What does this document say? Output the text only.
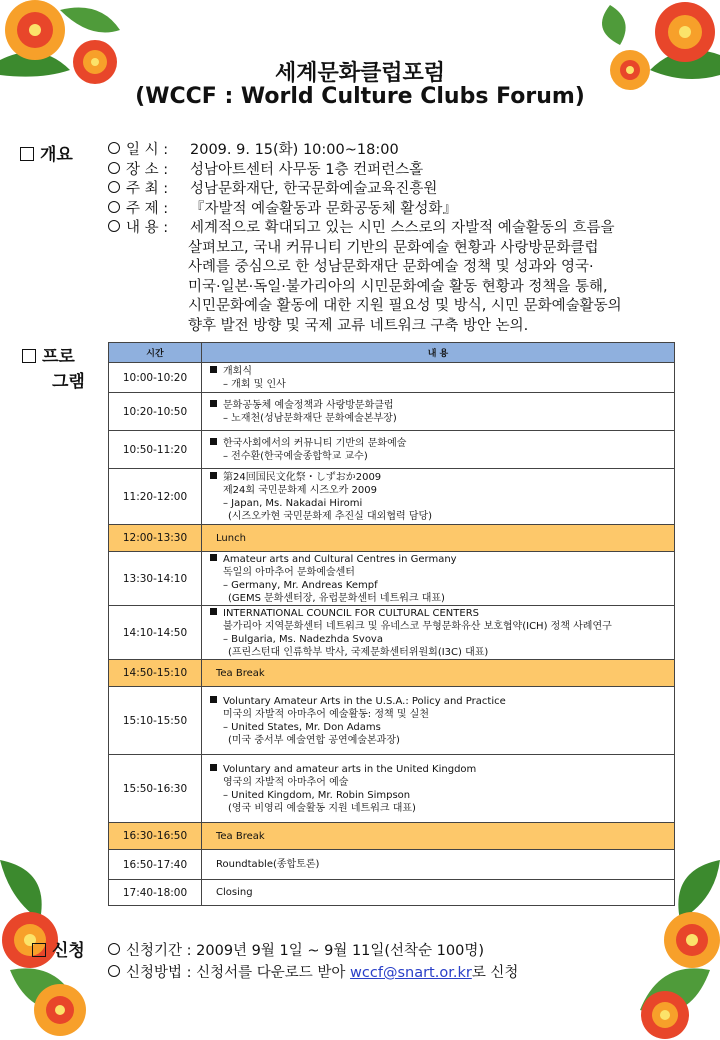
세계문화클럽포럼
(WCCF : World Culture Clubs Forum)
개요	일 시 : 2009. 9. 15(화) 10:00~18:00
장 소 : 성남아트센터 사무동 1층 컨퍼런스홀
주 최 : 성남문화재단, 한국문화예술교육진흥원
주 제 : 『자발적 예술활동과 문화공동체 활성화』
내 용 : 세계적으로 확대되고 있는 시민 스스로의 자발적 예술활동의 흐름을
살펴보고, 국내 커뮤니티 기반의 문화예술 현황과 사랑방문화클럽
사례를 중심으로 한 성남문화재단 문화예술 정책 및 성과와 영국·
미국·일본·독일·불가리아의 시민문화예술 활동 현황과 정책을 통해,
시민문화예술 활동에 대한 지원 필요성 및 방식, 시민 문화예술활동의
향후 발전 방향 및 국제 교류 네트워크 구축 방안 논의.
프로
그램
시간	내 용
10:00-10:20	개회식
– 개회 및 인사

10:20-10:50	문화공동체 예술정책과 사랑방문화클럽
– 노재천(성남문화재단 문화예술본부장)

10:50-11:20	한국사회에서의 커뮤니티 기반의 문화예술
– 전수환(한국예술종합학교 교수)

11:20-12:00	第24回国民文化祭・しずおか2009
제24회 국민문화제 시즈오카 2009
– Japan, Ms. Nakadai Hiromi
(시즈오카현 국민문화제 추진실 대외협력 담당)

12:00-13:30	Lunch

13:30-14:10	Amateur arts and Cultural Centres in Germany
독일의 아마추어 문화예술센터
– Germany, Mr. Andreas Kempf
(GEMS 문화센터장, 유럽문화센터 네트워크 대표)

14:10-14:50	INTERNATIONAL COUNCIL FOR CULTURAL CENTERS
불가리아 지역문화센터 네트워크 및 유네스코 무형문화유산 보호협약(ICH) 정책 사례연구
– Bulgaria, Ms. Nadezhda Svova
(프린스턴대 인류학부 박사, 국제문화센터위원회(I3C) 대표)

14:50-15:10	Tea Break

15:10-15:50	Voluntary Amateur Arts in the U.S.A.: Policy and Practice
미국의 자발적 아마추어 예술활동: 정책 및 실천
– United States, Mr. Don Adams
(미국 중서부 예술연합 공연예술본과장)

15:50-16:30	Voluntary and amateur arts in the United Kingdom
영국의 자발적 아마추어 예술
– United Kingdom, Mr. Robin Simpson
(영국 비영리 예술활동 지원 네트워크 대표)

16:30-16:50	Tea Break

16:50-17:40	Roundtable(종합토론)

17:40-18:00	Closing
신청	신청기간 : 2009년 9월 1일 ~ 9월 11일(선착순 100명)
신청방법 : 신청서를 다운로드 받아 wccf@snart.or.kr로 신청
